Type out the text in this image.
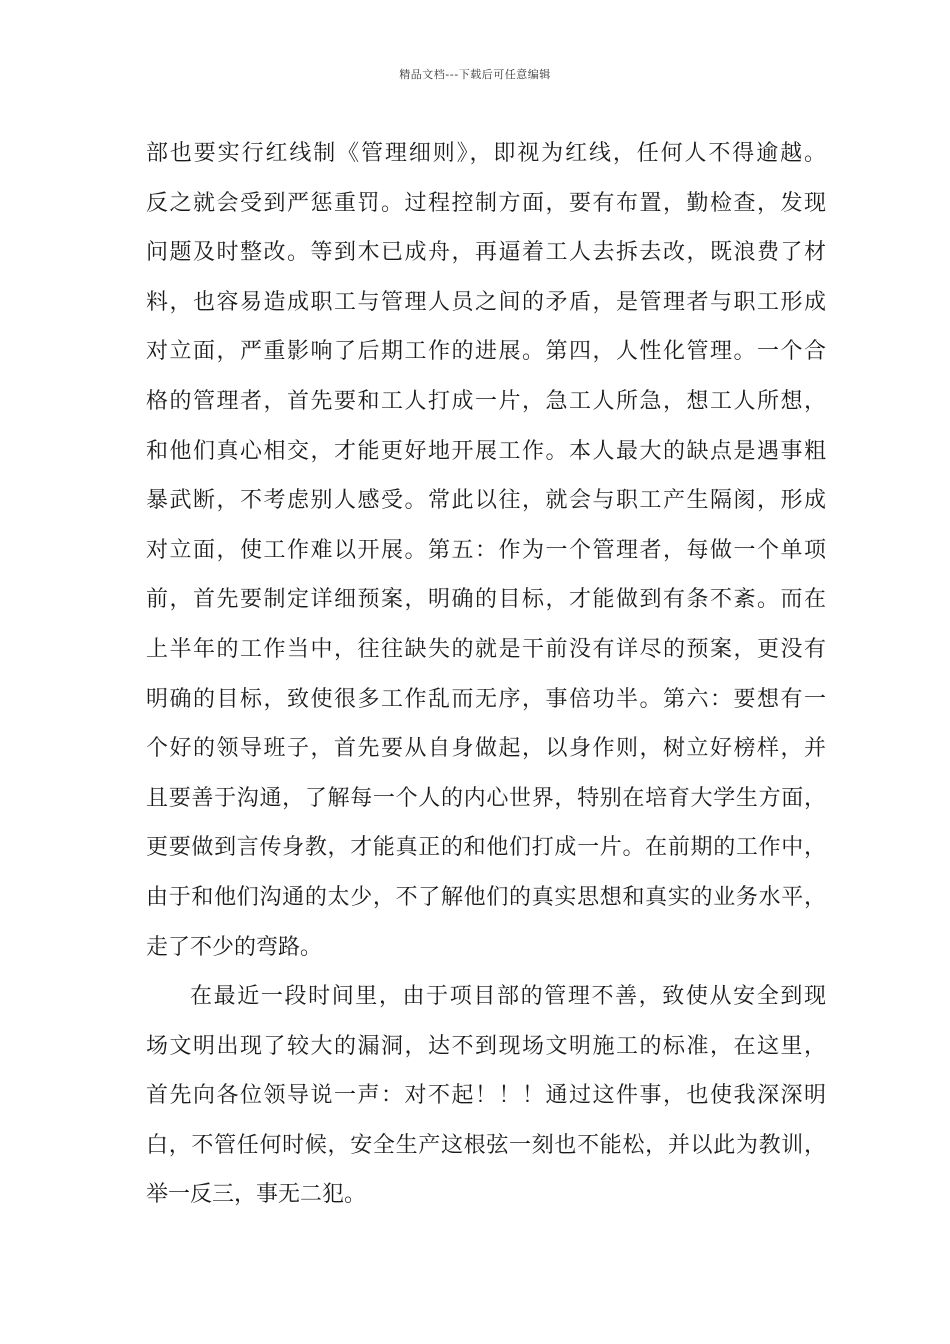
精品文档---下载后可任意编辑
部也要实行红线制《管理细则》，即视为红线，任何人不得逾越。
反之就会受到严惩重罚。过程控制方面，要有布置，勤检查，发现
问题及时整改。等到木已成舟，再逼着工人去拆去改，既浪费了材
料，也容易造成职工与管理人员之间的矛盾，是管理者与职工形成
对立面，严重影响了后期工作的进展。第四，人性化管理。一个合
格的管理者，首先要和工人打成一片，急工人所急，想工人所想，
和他们真心相交，才能更好地开展工作。本人最大的缺点是遇事粗
暴武断，不考虑别人感受。常此以往，就会与职工产生隔阂，形成
对立面，使工作难以开展。第五：作为一个管理者，每做一个单项
前，首先要制定详细预案，明确的目标，才能做到有条不紊。而在
上半年的工作当中，往往缺失的就是干前没有详尽的预案，更没有
明确的目标，致使很多工作乱而无序，事倍功半。第六：要想有一
个好的领导班子，首先要从自身做起，以身作则，树立好榜样，并
且要善于沟通，了解每一个人的内心世界，特别在培育大学生方面，
更要做到言传身教，才能真正的和他们打成一片。在前期的工作中，
由于和他们沟通的太少，不了解他们的真实思想和真实的业务水平，
走了不少的弯路。
在最近一段时间里，由于项目部的管理不善，致使从安全到现
场文明出现了较大的漏洞，达不到现场文明施工的标准，在这里，
首先向各位领导说一声：对不起！！！通过这件事，也使我深深明
白，不管任何时候，安全生产这根弦一刻也不能松，并以此为教训，
举一反三，事无二犯。
